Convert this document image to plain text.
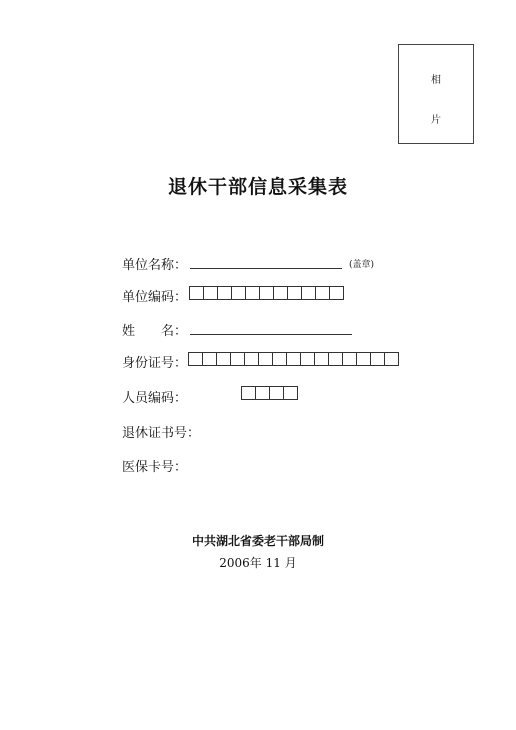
相
片
退休干部信息采集表
单位名称：	(盖章)
单位编码：
姓　　名：
身份证号：
人员编码：
退休证书号：
医保卡号：
中共湖北省委老干部局制
2006年 11 月
